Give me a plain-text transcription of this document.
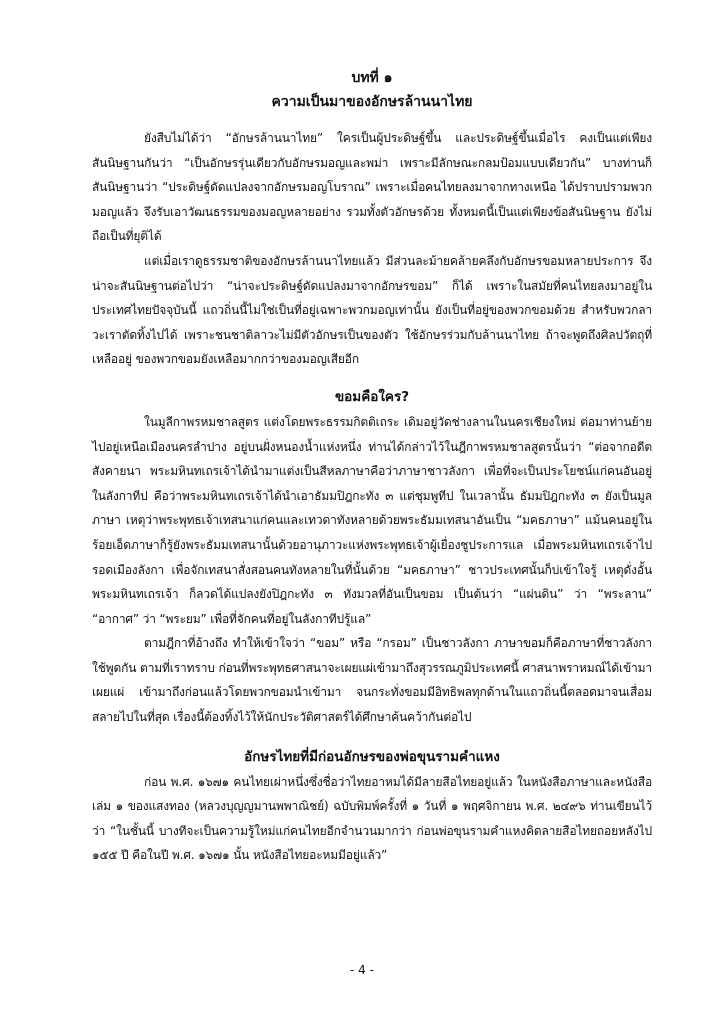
บทที่ ๑

ความเป็นมาของอักษรล้านนาไทย

ยังสืบไม่ได้ว่า “อักษรล้านนาไทย” ใครเป็นผู้ประดิษฐ์ขึ้น และประดิษฐ์ขึ้นเมื่อไร คงเป็นแต่เพียง สันนิษฐานกันว่า “เป็นอักษรรุ่นเดียวกับอักษรมอญและพม่า เพราะมีลักษณะกลมป้อมแบบเดียวกัน” บางท่านก็สันนิษฐานว่า “ประดิษฐ์ดัดแปลงจากอักษรมอญโบราณ” เพราะเมื่อคนไทยลงมาจากทางเหนือ ได้ปราบปรามพวกมอญแล้ว จึงรับเอาวัฒนธรรมของมอญหลายอย่าง รวมทั้งตัวอักษรด้วย ทั้งหมดนี้เป็นแต่เพียงข้อสันนิษฐาน ยังไม่ถือเป็นที่ยุติได้

แต่เมื่อเราดูธรรมชาติของอักษรล้านนาไทยแล้ว มีส่วนละม้ายคล้ายคลึงกับอักษรขอมหลายประการ จึงน่าจะสันนิษฐานต่อไปว่า “น่าจะประดิษฐ์ดัดแปลงมาจากอักษรขอม” ก็ได้ เพราะในสมัยที่คนไทยลงมาอยู่ในประเทศไทยปัจจุบันนี้ แถวถิ่นนี้ไม่ใช่เป็นที่อยู่เฉพาะพวกมอญเท่านั้น ยังเป็นที่อยู่ของพวกขอมด้วย สำหรับพวกลาวะเราตัดทิ้งไปได้ เพราะชนชาติลาวะไม่มีตัวอักษรเป็นของตัว ใช้อักษรร่วมกับล้านนาไทย ถ้าจะพูดถึงศิลปวัตถุที่เหลืออยู่ ของพวกขอมยังเหลือมากกว่าของมอญเสียอีก

ขอมคือใคร?

ในมูลีกาพรหมชาลสูตร แต่งโดยพระธรรมกิตติเถระ เดิมอยู่วัดช่างลานในนครเชียงใหม่ ต่อมาท่านย้ายไปอยู่เหนือเมืองนครลำปาง อยู่บนฝั่งหนองน้ำแห่งหนึ่ง ท่านได้กล่าวไว้ในฎีกาพรหมชาลสูตรนั้นว่า “ต่อจากอดีตสังคายนา พระมหินทเถรเจ้าได้นำมาแต่งเป็นสีหลภาษาคือว่าภาษาชาวลังกา เพื่อที่จะเป็นประโยชน์แก่คนอันอยู่ในลังกาทีป คือว่าพระมหินทเถรเจ้าได้นำเอาธัมมปิฎกะทัง ๓ แต่ชุมพูทีป ในเวลานั้น ธัมมปิฎกะทัง ๓ ยังเป็นมูลภาษา เหตุว่าพระพุทธเจ้าเทสนาแก่คนและเทวดาทังหลายด้วยพระธัมมเทสนาอันเป็น “มคธภาษา” แม้นคนอยู่ในร้อยเอ็ดภาษาก็รู้ยังพระธัมมเทสนานั้นด้วยอานุภาวะแห่งพระพุทธเจ้าผู้เยื่องชูประการแล เมื่อพระมหินทเถรเจ้าไปรอดเมืองลังกา เพื่อจักเทสนาสั่งสอนคนทังหลายในที่นั้นด้วย “มคธภาษา” ชาวประเทศนั้นก็บ่เข้าใจรู้ เหตุดั่งอั้น พระมหินทเถรเจ้า ก็ลวดได้แปลงยังปิฎกะทัง ๓ ทังมวลที่อันเป็นขอม เป็นต้นว่า “แผ่นดิน” ว่า “พระลาน” “อากาศ” ว่า “พระยม” เพื่อที่จักคนที่อยู่ในลังกาทีปรู้แล”

ตามฎีกาที่อ้างถึง ทำให้เข้าใจว่า “ขอม” หรือ “กรอม” เป็นชาวลังกา ภาษาขอมก็คือภาษาที่ชาวลังกาใช้พูดกัน ตามที่เราทราบ ก่อนที่พระพุทธศาสนาจะเผยแผ่เข้ามาถึงสุวรรณภูมิประเทศนี้ ศาสนาพราหมณ์ได้เข้ามาเผยแผ่ เข้ามาถึงก่อนแล้วโดยพวกขอมนำเข้ามา จนกระทั่งขอมมีอิทธิพลทุกด้านในแถวถิ่นนี้ตลอดมาจนเสื่อมสลายไปในที่สุด เรื่องนี้ต้องทิ้งไว้ให้นักประวัติศาสตร์ได้ศึกษาค้นคว้ากันต่อไป

อักษรไทยที่มีก่อนอักษรของพ่อขุนรามคำแหง

ก่อน พ.ศ. ๑๖๗๑ คนไทยเผ่าหนึ่งซึ่งชื่อว่าไทยอาหมได้มีลายสือไทยอยู่แล้ว ในหนังสือภาษาและหนังสือเล่ม ๑ ของแสงทอง (หลวงบุญญมานพพาณิชย์) ฉบับพิมพ์ครั้งที่ ๑ วันที่ ๑ พฤศจิกายน พ.ศ. ๒๔๙๖ ท่านเขียนไว้ว่า “ในชั้นนี้ บางทีจะเป็นความรู้ใหม่แก่คนไทยอีกจำนวนมากว่า ก่อนพ่อขุนรามคำแหงคิดลายสือไทยถอยหลังไป ๑๕๕ ปี คือในปี พ.ศ. ๑๖๗๑ นั้น หนังสือไทยอะหมมีอยู่แล้ว”

- 4 -
